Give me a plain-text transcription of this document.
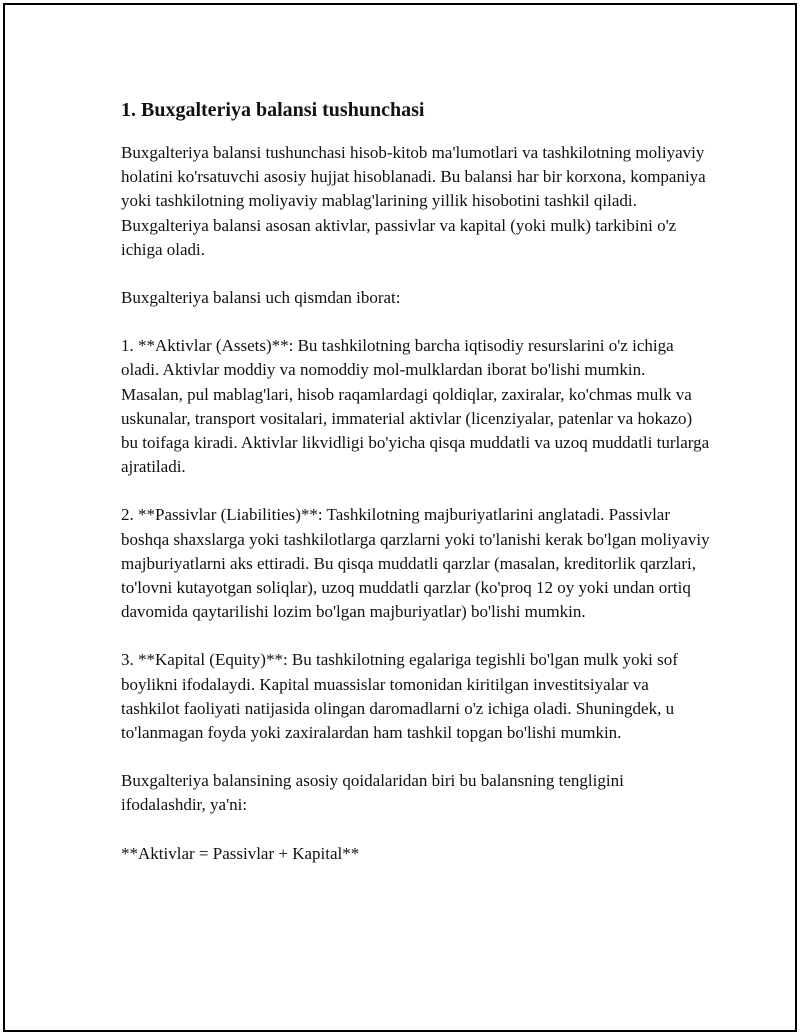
1. Buxgalteriya balansi tushunchasi

Buxgalteriya balansi tushunchasi hisob-kitob ma'lumotlari va tashkilotning moliyaviy holatini ko'rsatuvchi asosiy hujjat hisoblanadi. Bu balansi har bir korxona, kompaniya yoki tashkilotning moliyaviy mablag'larining yillik hisobotini tashkil qiladi. Buxgalteriya balansi asosan aktivlar, passivlar va kapital (yoki mulk) tarkibini o'z ichiga oladi.

Buxgalteriya balansi uch qismdan iborat:

1. **Aktivlar (Assets)**: Bu tashkilotning barcha iqtisodiy resurslarini o'z ichiga oladi. Aktivlar moddiy va nomoddiy mol-mulklardan iborat bo'lishi mumkin. Masalan, pul mablag'lari, hisob raqamlardagi qoldiqlar, zaxiralar, ko'chmas mulk va uskunalar, transport vositalari, immaterial aktivlar (licenziyalar, patenlar va hokazo) bu toifaga kiradi. Aktivlar likvidligi bo'yicha qisqa muddatli va uzoq muddatli turlarga ajratiladi.

2. **Passivlar (Liabilities)**: Tashkilotning majburiyatlarini anglatadi. Passivlar boshqa shaxslarga yoki tashkilotlarga qarzlarni yoki to'lanishi kerak bo'lgan moliyaviy majburiyatlarni aks ettiradi. Bu qisqa muddatli qarzlar (masalan, kreditorlik qarzlari, to'lovni kutayotgan soliqlar), uzoq muddatli qarzlar (ko'proq 12 oy yoki undan ortiq davomida qaytarilishi lozim bo'lgan majburiyatlar) bo'lishi mumkin.

3. **Kapital (Equity)**: Bu tashkilotning egalariga tegishli bo'lgan mulk yoki sof boylikni ifodalaydi. Kapital muassislar tomonidan kiritilgan investitsiyalar va tashkilot faoliyati natijasida olingan daromadlarni o'z ichiga oladi. Shuningdek, u to'lanmagan foyda yoki zaxiralardan ham tashkil topgan bo'lishi mumkin.

Buxgalteriya balansining asosiy qoidalaridan biri bu balansning tengligini ifodalashdir, ya'ni:

**Aktivlar = Passivlar + Kapital**
